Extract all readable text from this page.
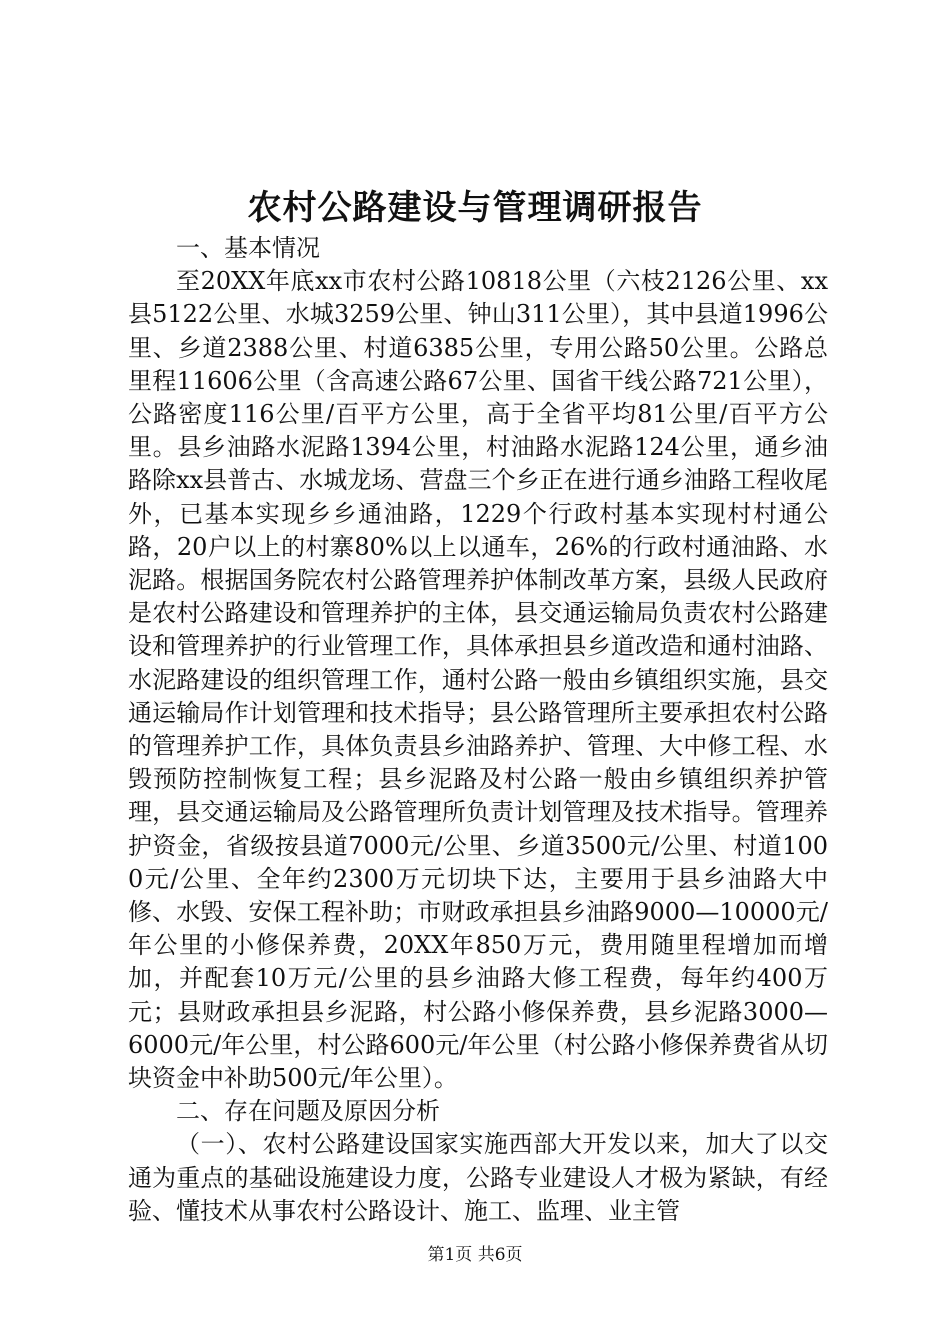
农村公路建设与管理调研报告

一、基本情况

至20XX年底xx市农村公路10818公里（六枝2126公里、xx县5122公里、水城3259公里、钟山311公里），其中县道1996公里、乡道2388公里、村道6385公里，专用公路50公里。公路总里程11606公里（含高速公路67公里、国省干线公路721公里），公路密度116公里/百平方公里，高于全省平均81公里/百平方公里。县乡油路水泥路1394公里，村油路水泥路124公里，通乡油路除xx县普古、水城龙场、营盘三个乡正在进行通乡油路工程收尾外，已基本实现乡乡通油路，1229个行政村基本实现村村通公路，20户以上的村寨80%以上以通车，26%的行政村通油路、水泥路。根据国务院农村公路管理养护体制改革方案，县级人民政府是农村公路建设和管理养护的主体，县交通运输局负责农村公路建设和管理养护的行业管理工作，具体承担县乡道改造和通村油路、水泥路建设的组织管理工作，通村公路一般由乡镇组织实施，县交通运输局作计划管理和技术指导；县公路管理所主要承担农村公路的管理养护工作，具体负责县乡油路养护、管理、大中修工程、水毁预防控制恢复工程；县乡泥路及村公路一般由乡镇组织养护管理，县交通运输局及公路管理所负责计划管理及技术指导。管理养护资金，省级按县道7000元/公里、乡道3500元/公里、村道1000元/公里、全年约2300万元切块下达，主要用于县乡油路大中修、水毁、安保工程补助；市财政承担县乡油路9000—10000元/年公里的小修保养费，20XX年850万元，费用随里程增加而增加，并配套10万元/公里的县乡油路大修工程费，每年约400万元；县财政承担县乡泥路，村公路小修保养费，县乡泥路3000—6000元/年公里，村公路600元/年公里（村公路小修保养费省从切块资金中补助500元/年公里）。

二、存在问题及原因分析

（一）、农村公路建设国家实施西部大开发以来，加大了以交通为重点的基础设施建设力度，公路专业建设人才极为紧缺，有经验、懂技术从事农村公路设计、施工、监理、业主管

第1页 共6页
